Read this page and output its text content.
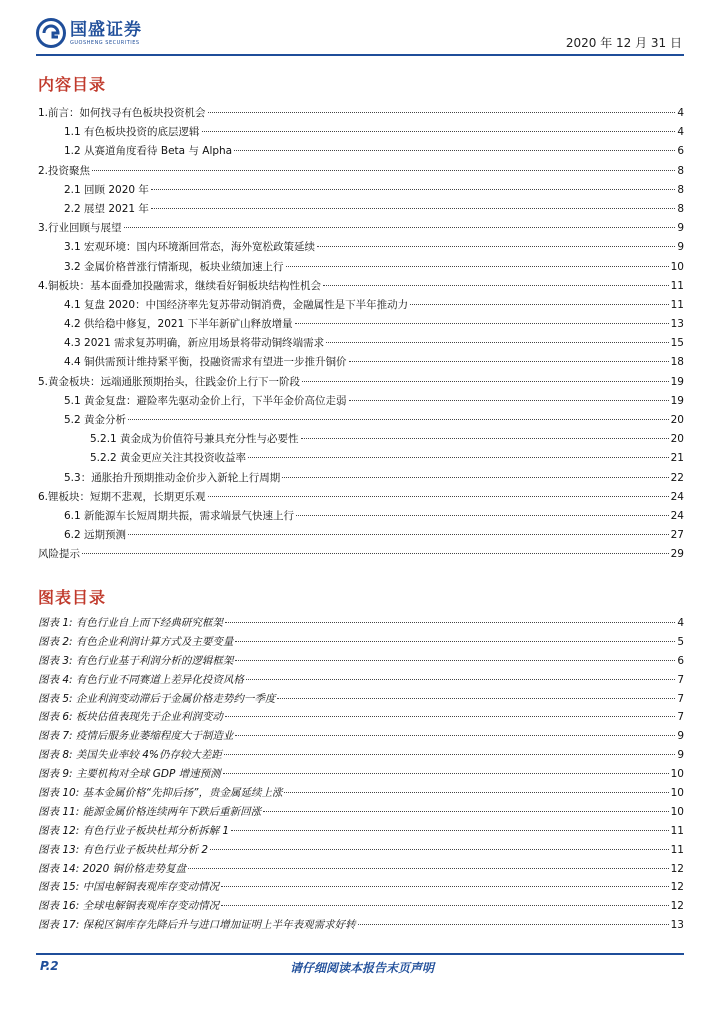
国盛证券
GUOSHENG SECURITIES	2020 年 12 月 31 日
内容目录
1.前言：如何找寻有色板块投资机会	4
1.1 有色板块投资的底层逻辑	4
1.2 从赛道角度看待 Beta 与 Alpha	6
2.投资聚焦	8
2.1 回顾 2020 年	8
2.2 展望 2021 年	8
3.行业回顾与展望	9
3.1 宏观环境：国内环境渐回常态，海外宽松政策延续	9
3.2 金属价格普涨行情渐现，板块业绩加速上行	10
4.铜板块：基本面叠加投融需求，继续看好铜板块结构性机会	11
4.1 复盘 2020：中国经济率先复苏带动铜消费，金融属性是下半年推动力	11
4.2 供给稳中修复，2021 下半年新矿山释放增量	13
4.3 2021 需求复苏明确，新应用场景将带动铜终端需求	15
4.4 铜供需预计维持紧平衡，投融资需求有望进一步推升铜价	18
5.黄金板块：远端通胀预期抬头，往践金价上行下一阶段	19
5.1 黄金复盘：避险率先驱动金价上行，下半年金价高位走弱	19
5.2 黄金分析	20
5.2.1 黄金成为价值符号兼具充分性与必要性	20
5.2.2 黄金更应关注其投资收益率	21
5.3：通胀抬升预期推动金价步入新轮上行周期	22
6.锂板块：短期不悲观，长期更乐观	24
6.1 新能源车长短周期共振，需求端景气快速上行	24
6.2 远期预测	27
风险提示	29
图表目录
图表 1: 有色行业自上而下经典研究框架	4
图表 2: 有色企业利润计算方式及主要变量	5
图表 3: 有色行业基于利润分析的逻辑框架	6
图表 4: 有色行业不同赛道上差异化投资风格	7
图表 5: 企业利润变动滞后于金属价格走势约一季度	7
图表 6: 板块估值表现先于企业利润变动	7
图表 7: 疫情后服务业萎缩程度大于制造业	9
图表 8: 美国失业率较 4%仍存较大差距	9
图表 9: 主要机构对全球 GDP 增速预测	10
图表 10: 基本金属价格“先抑后扬”，贵金属延续上涨	10
图表 11: 能源金属价格连续两年下跌后重新回涨	10
图表 12: 有色行业子板块杜邦分析拆解 1	11
图表 13: 有色行业子板块杜邦分析 2	11
图表 14: 2020 铜价格走势复盘	12
图表 15: 中国电解铜表观库存变动情况	12
图表 16: 全球电解铜表观库存变动情况	12
图表 17: 保税区铜库存先降后升与进口增加证明上半年表观需求好转	13
P.2	请仔细阅读本报告末页声明
